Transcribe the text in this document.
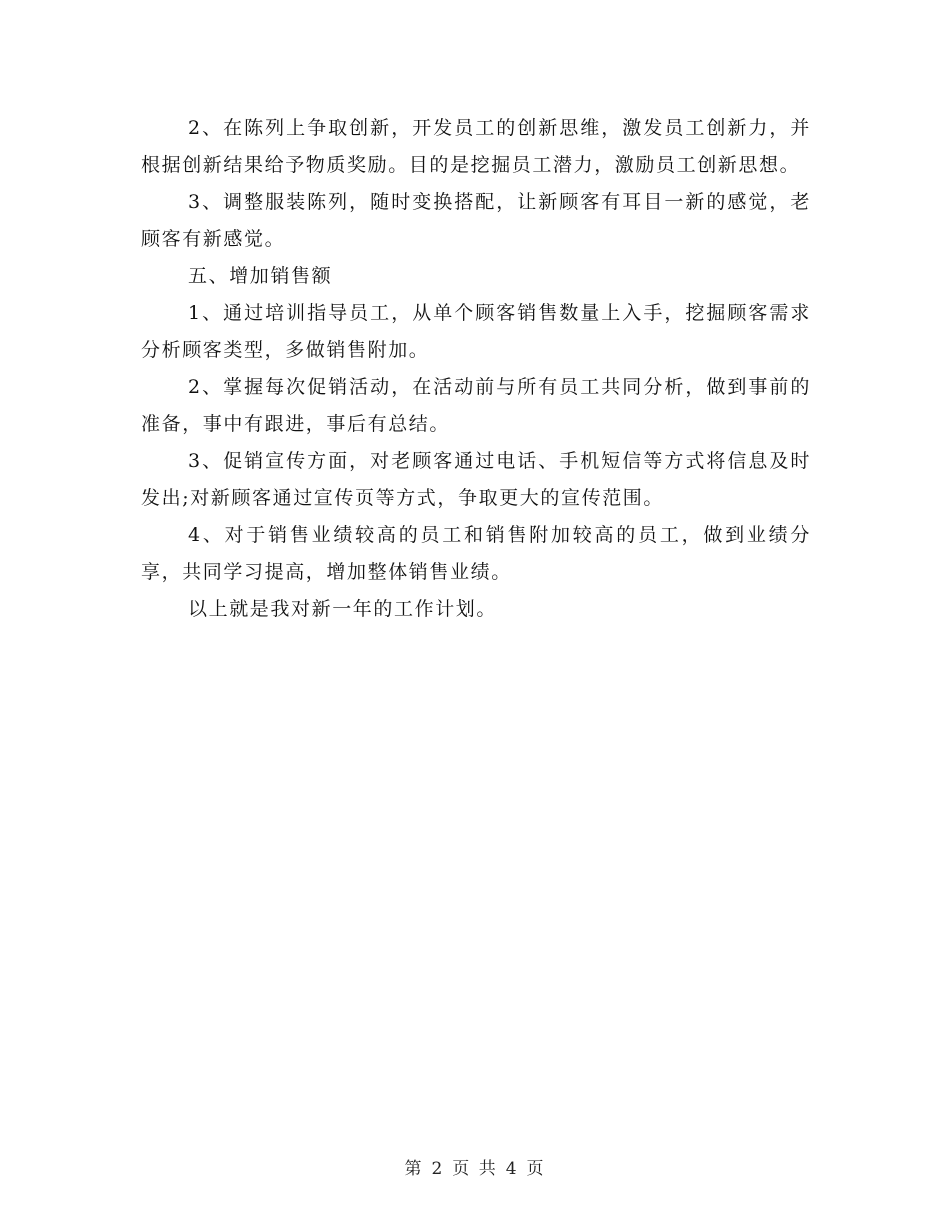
2、在陈列上争取创新，开发员工的创新思维，激发员工创新力，并根据创新结果给予物质奖励。目的是挖掘员工潜力，激励员工创新思想。

3、调整服装陈列，随时变换搭配，让新顾客有耳目一新的感觉，老顾客有新感觉。

五、增加销售额

1、通过培训指导员工，从单个顾客销售数量上入手，挖掘顾客需求分析顾客类型，多做销售附加。

2、掌握每次促销活动，在活动前与所有员工共同分析，做到事前的准备，事中有跟进，事后有总结。

3、促销宣传方面，对老顾客通过电话、手机短信等方式将信息及时发出;对新顾客通过宣传页等方式，争取更大的宣传范围。

4、对于销售业绩较高的员工和销售附加较高的员工，做到业绩分享，共同学习提高，增加整体销售业绩。

以上就是我对新一年的工作计划。

第 2 页 共 4 页
